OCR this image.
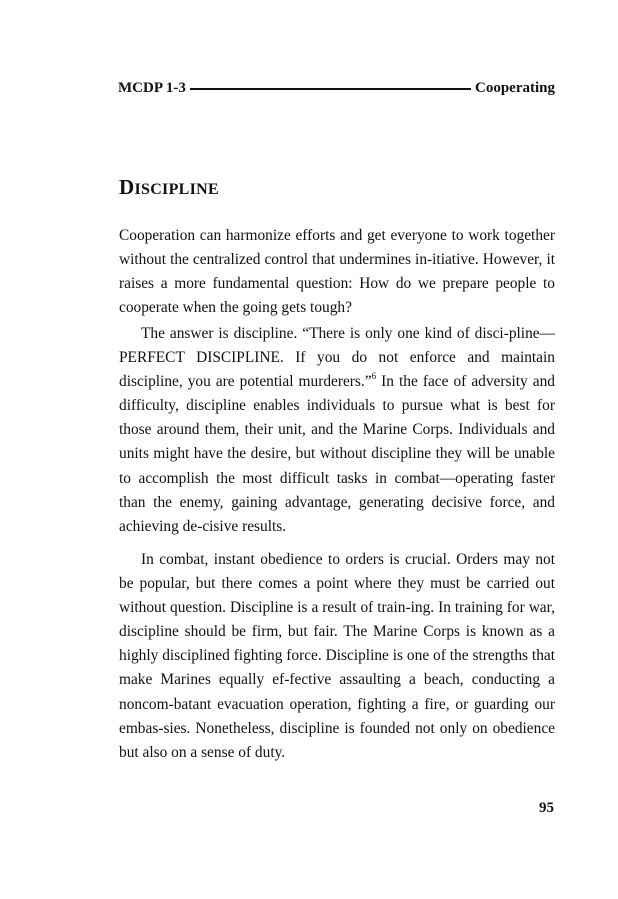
MCDP 1-3	Cooperating
DISCIPLINE

Cooperation can harmonize efforts and get everyone to work together without the centralized control that undermines in-itiative. However, it raises a more fundamental question: How do we prepare people to cooperate when the going gets tough?

The answer is discipline. “There is only one kind of disci-pline—PERFECT DISCIPLINE. If you do not enforce and maintain discipline, you are potential murderers.”$^6$ In the face of adversity and difficulty, discipline enables individuals to pursue what is best for those around them, their unit, and the Marine Corps. Individuals and units might have the desire, but without discipline they will be unable to accomplish the most difficult tasks in combat—operating faster than the enemy, gaining advantage, generating decisive force, and achieving de-cisive results.

In combat, instant obedience to orders is crucial. Orders may not be popular, but there comes a point where they must be carried out without question. Discipline is a result of train-ing. In training for war, discipline should be firm, but fair. The Marine Corps is known as a highly disciplined fighting force. Discipline is one of the strengths that make Marines equally ef-fective assaulting a beach, conducting a noncom-batant evacuation operation, fighting a fire, or guarding our embas-sies. Nonetheless, discipline is founded not only on obedience but also on a sense of duty.

95
